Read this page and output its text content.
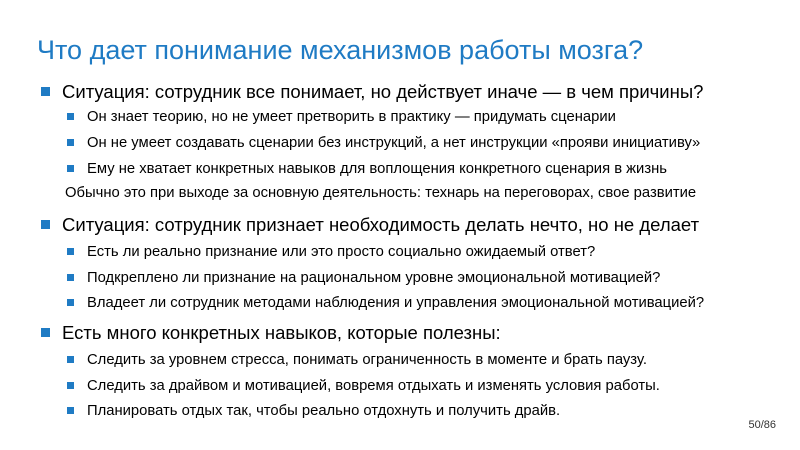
Что дает понимание механизмов работы мозга?
Ситуация: сотрудник все понимает, но действует иначе — в чем причины?
Он знает теорию, но не умеет претворить в практику — придумать сценарии
Он не умеет создавать сценарии без инструкций, а нет инструкции «прояви инициативу»
Ему не хватает конкретных навыков для воплощения конкретного сценария в жизнь
Обычно это при выходе за основную деятельность: технарь на переговорах, свое развитие
Ситуация: сотрудник признает необходимость делать нечто, но не делает
Есть ли реально признание или это просто социально ожидаемый ответ?
Подкреплено ли признание на рациональном уровне эмоциональной мотивацией?
Владеет ли сотрудник методами наблюдения и управления эмоциональной мотивацией?
Есть много конкретных навыков, которые полезны:
Следить за уровнем стресса, понимать ограниченность в моменте и брать паузу.
Следить за драйвом и мотивацией, вовремя отдыхать и изменять условия работы.
Планировать отдых так, чтобы реально отдохнуть и получить драйв.
50/86
